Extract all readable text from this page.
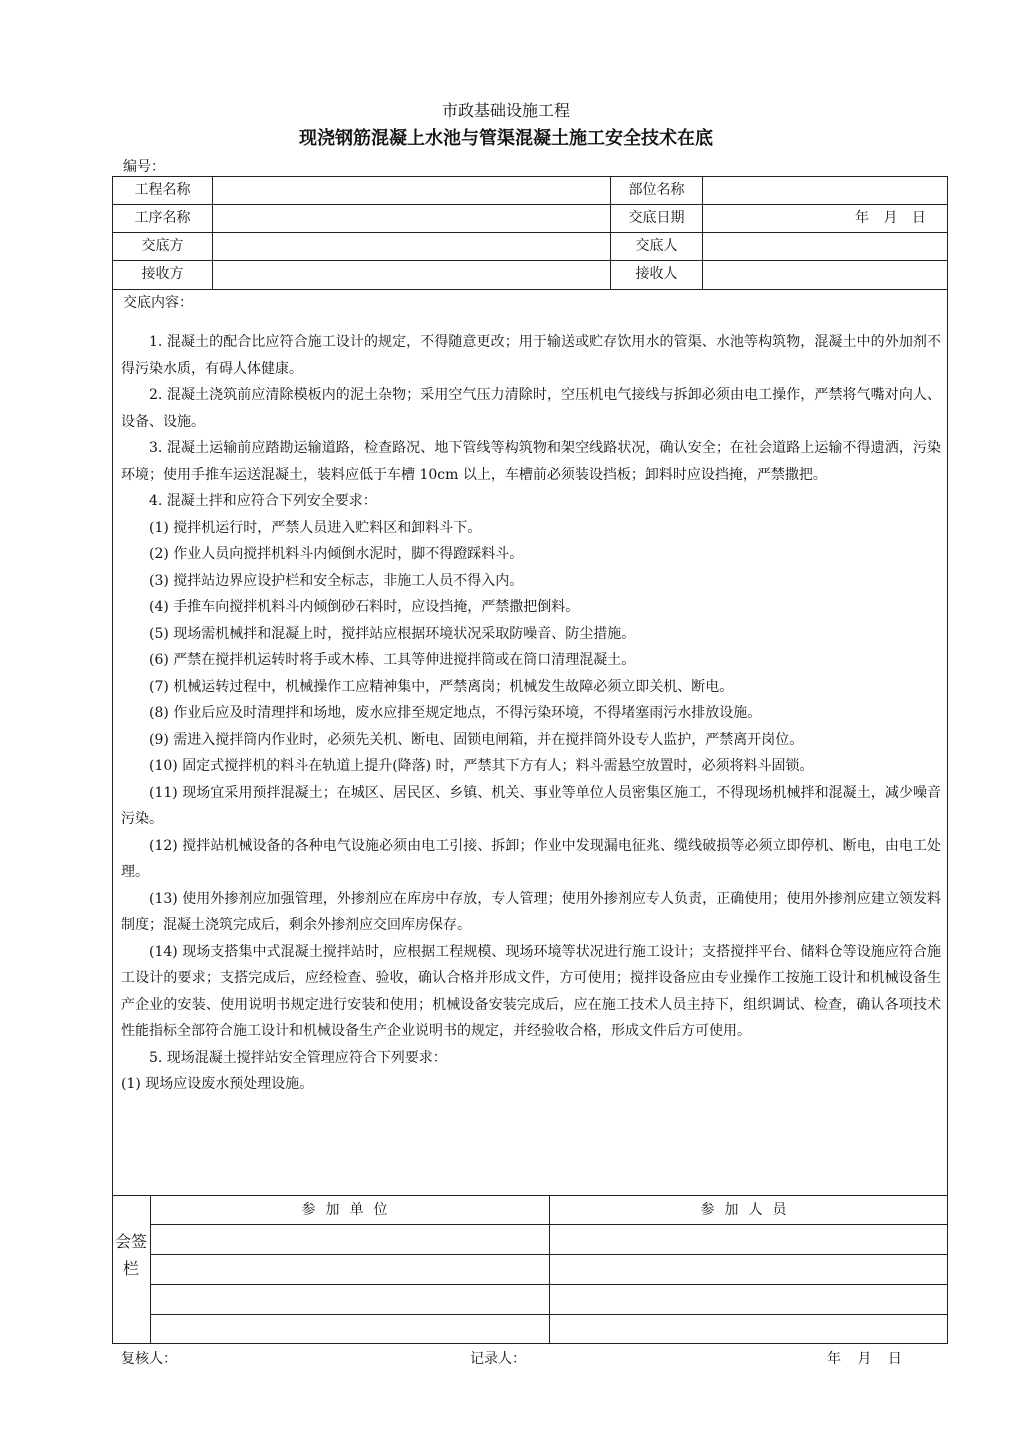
市政基础设施工程
现浇钢筋混凝上水池与管渠混凝土施工安全技术在底
编号：
工程名称	部位名称
工序名称	交底日期	年 月 日
交底方	交底人
接收方	接收人
交底内容：

1. 混凝土的配合比应符合施工设计的规定，不得随意更改；用于输送或贮存饮用水的管渠、水池等构筑物，混凝土中的外加剂不得污染水质，有碍人体健康。

2. 混凝土浇筑前应清除模板内的泥土杂物；采用空气压力清除时，空压机电气接线与拆卸必须由电工操作，严禁将气嘴对向人、设备、设施。

3. 混凝土运输前应踏勘运输道路，检查路况、地下管线等构筑物和架空线路状况，确认安全；在社会道路上运输不得遗洒，污染环境；使用手推车运送混凝土，装料应低于车槽 10cm 以上，车槽前必须装设挡板；卸料时应设挡掩，严禁撒把。

4. 混凝土拌和应符合下列安全要求：

(1) 搅拌机运行时，严禁人员进入贮料区和卸料斗下。

(2) 作业人员向搅拌机料斗内倾倒水泥时，脚不得蹬踩料斗。

(3) 搅拌站边界应设护栏和安全标志，非施工人员不得入内。

(4) 手推车向搅拌机料斗内倾倒砂石料时，应设挡掩，严禁撒把倒料。

(5) 现场需机械拌和混凝上时，搅拌站应根据环境状况采取防噪音、防尘措施。

(6) 严禁在搅拌机运转时将手或木棒、工具等伸进搅拌筒或在筒口清理混凝土。

(7) 机械运转过程中，机械操作工应精神集中，严禁离岗；机械发生故障必须立即关机、断电。

(8) 作业后应及时清理拌和场地，废水应排至规定地点，不得污染环境，不得堵塞雨污水排放设施。

(9) 需进入搅拌筒内作业时，必须先关机、断电、固锁电闸箱，并在搅拌筒外设专人监护，严禁离开岗位。

(10) 固定式搅拌机的料斗在轨道上提升(降落) 时，严禁其下方有人；料斗需悬空放置时，必须将料斗固锁。

(11) 现场宜采用预拌混凝土；在城区、居民区、乡镇、机关、事业等单位人员密集区施工，不得现场机械拌和混凝土，减少噪音污染。

(12) 搅拌站机械设备的各种电气设施必须由电工引接、拆卸；作业中发现漏电征兆、缆线破损等必须立即停机、断电，由电工处理。

(13) 使用外掺剂应加强管理，外掺剂应在库房中存放，专人管理；使用外掺剂应专人负责，正确使用；使用外掺剂应建立领发料制度；混凝土浇筑完成后，剩余外掺剂应交回库房保存。

(14) 现场支搭集中式混凝土搅拌站时，应根据工程规模、现场环境等状况进行施工设计；支搭搅拌平台、储料仓等设施应符合施工设计的要求；支搭完成后，应经检查、验收，确认合格并形成文件，方可使用；搅拌设备应由专业操作工按施工设计和机械设备生产企业的安装、使用说明书规定进行安装和使用；机械设备安装完成后，应在施工技术人员主持下，组织调试、检查，确认各项技术性能指标全部符合施工设计和机械设备生产企业说明书的规定，并经验收合格，形成文件后方可使用。

5. 现场混凝土搅拌站安全管理应符合下列要求：

(1) 现场应设废水预处理设施。

会签栏
参加单位	参加人员
复核人：	记录人：	年 月 日
